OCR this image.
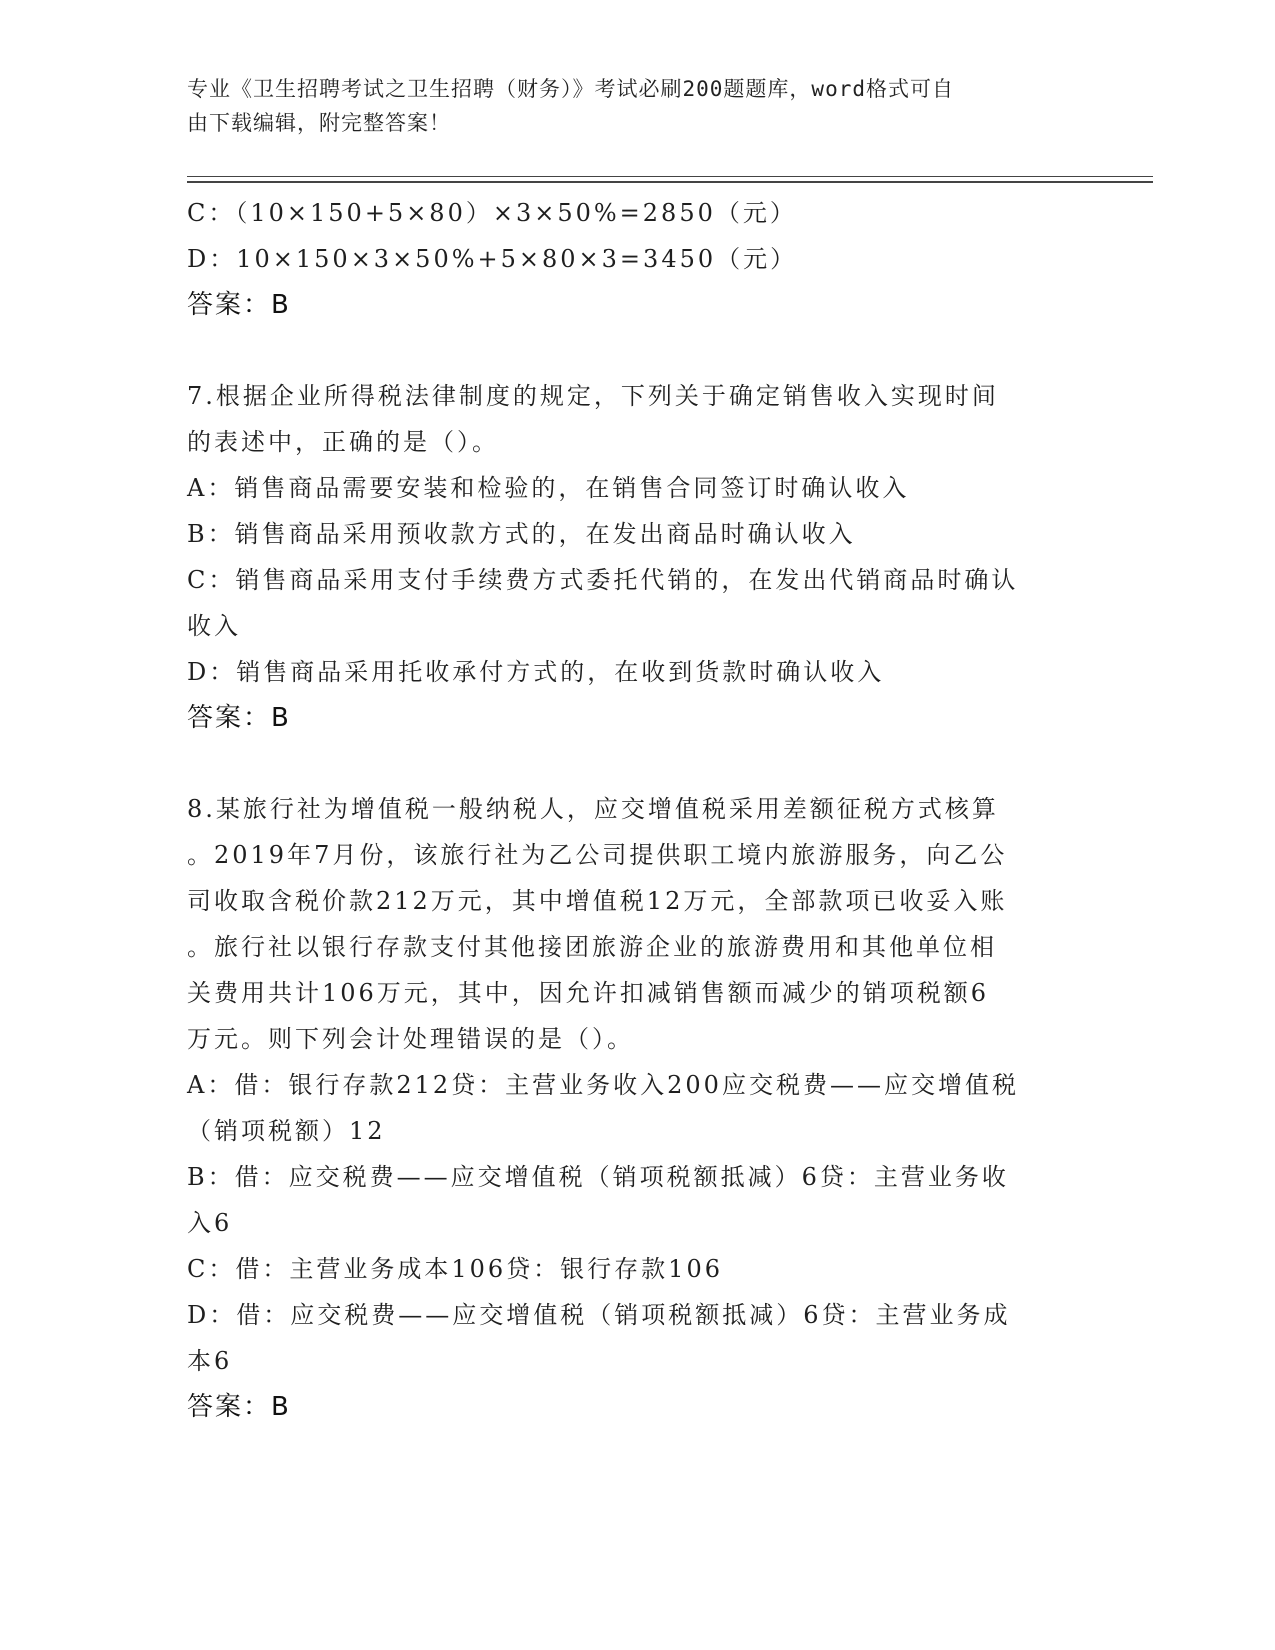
专业《卫生招聘考试之卫生招聘（财务）》考试必刷200题题库，word格式可自
由下载编辑，附完整答案！
C：（10×150+5×80）×3×50%=2850（元）
D：10×150×3×50%+5×80×3=3450（元）
答案：B
7.根据企业所得税法律制度的规定，下列关于确定销售收入实现时间
的表述中，正确的是（）。
A：销售商品需要安装和检验的，在销售合同签订时确认收入
B：销售商品采用预收款方式的，在发出商品时确认收入
C：销售商品采用支付手续费方式委托代销的，在发出代销商品时确认
收入
D：销售商品采用托收承付方式的，在收到货款时确认收入
答案：B
8.某旅行社为增值税一般纳税人，应交增值税采用差额征税方式核算
。2019年7月份，该旅行社为乙公司提供职工境内旅游服务，向乙公
司收取含税价款212万元，其中增值税12万元，全部款项已收妥入账
。旅行社以银行存款支付其他接团旅游企业的旅游费用和其他单位相
关费用共计106万元，其中，因允许扣减销售额而减少的销项税额6
万元。则下列会计处理错误的是（）。
A：借：银行存款212贷：主营业务收入200应交税费——应交增值税
（销项税额）12
B：借：应交税费——应交增值税（销项税额抵减）6贷：主营业务收
入6
C：借：主营业务成本106贷：银行存款106
D：借：应交税费——应交增值税（销项税额抵减）6贷：主营业务成
本6
答案：B
